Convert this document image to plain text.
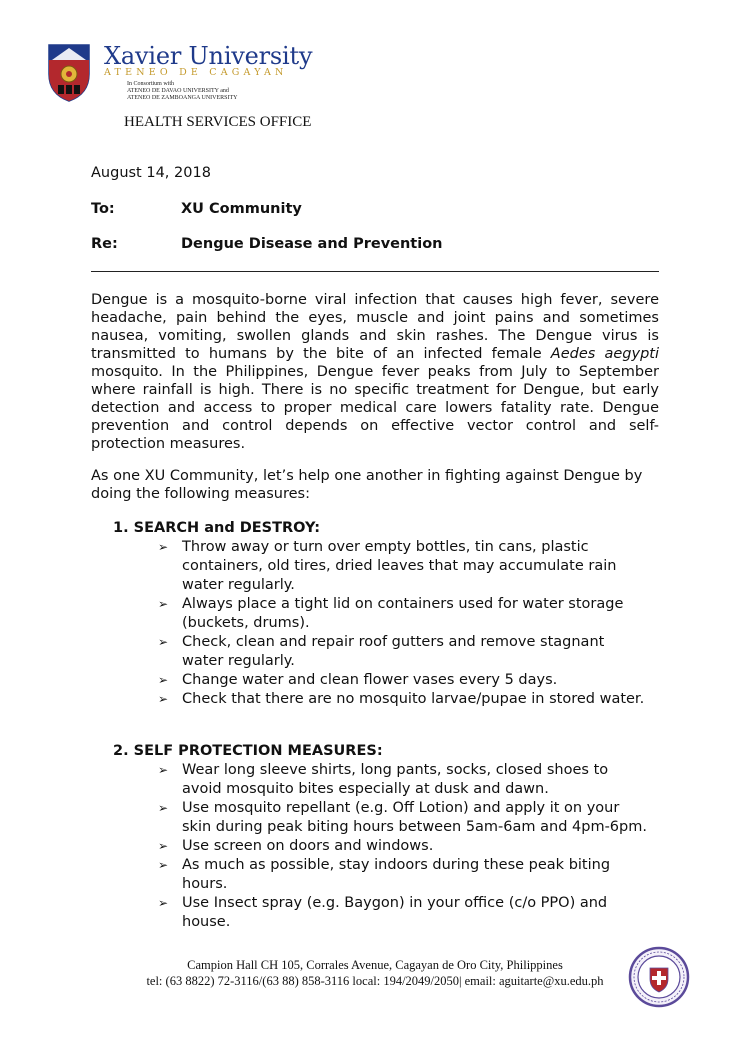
Xavier University
ATENEO DE CAGAYAN
In Consortium with
ATENEO DE DAVAO UNIVERSITY and
ATENEO DE ZAMBOANGA UNIVERSITY
HEALTH SERVICES OFFICE
August 14, 2018
To:	XU Community
Re:	Dengue Disease and Prevention
Dengue is a mosquito-borne viral infection that causes high fever, severe headache, pain behind the eyes, muscle and joint pains and sometimes nausea, vomiting, swollen glands and skin rashes. The Dengue virus is transmitted to humans by the bite of an infected female Aedes aegypti mosquito. In the Philippines, Dengue fever peaks from July to September where rainfall is high. There is no specific treatment for Dengue, but early detection and access to proper medical care lowers fatality rate. Dengue prevention and control depends on effective vector control and self-protection measures.
As one XU Community, let’s help one another in fighting against Dengue by doing the following measures:
1. SEARCH and DESTROY:
➢ Throw away or turn over empty bottles, tin cans, plastic containers, old tires, dried leaves that may accumulate rain water regularly.
➢ Always place a tight lid on containers used for water storage (buckets, drums).
➢ Check, clean and repair roof gutters and remove stagnant water regularly.
➢ Change water and clean flower vases every 5 days.
➢ Check that there are no mosquito larvae/pupae in stored water.
2. SELF PROTECTION MEASURES:
➢ Wear long sleeve shirts, long pants, socks, closed shoes to avoid mosquito bites especially at dusk and dawn.
➢ Use mosquito repellant (e.g. Off Lotion) and apply it on your skin during peak biting hours between 5am-6am and 4pm-6pm.
➢ Use screen on doors and windows.
➢ As much as possible, stay indoors during these peak biting hours.
➢ Use Insect spray (e.g. Baygon) in your office (c/o PPO) and house.
Campion Hall CH 105, Corrales Avenue, Cagayan de Oro City, Philippines
tel: (63 8822) 72-3116/(63 88) 858-3116 local: 194/2049/2050| email: aguitarte@xu.edu.ph
